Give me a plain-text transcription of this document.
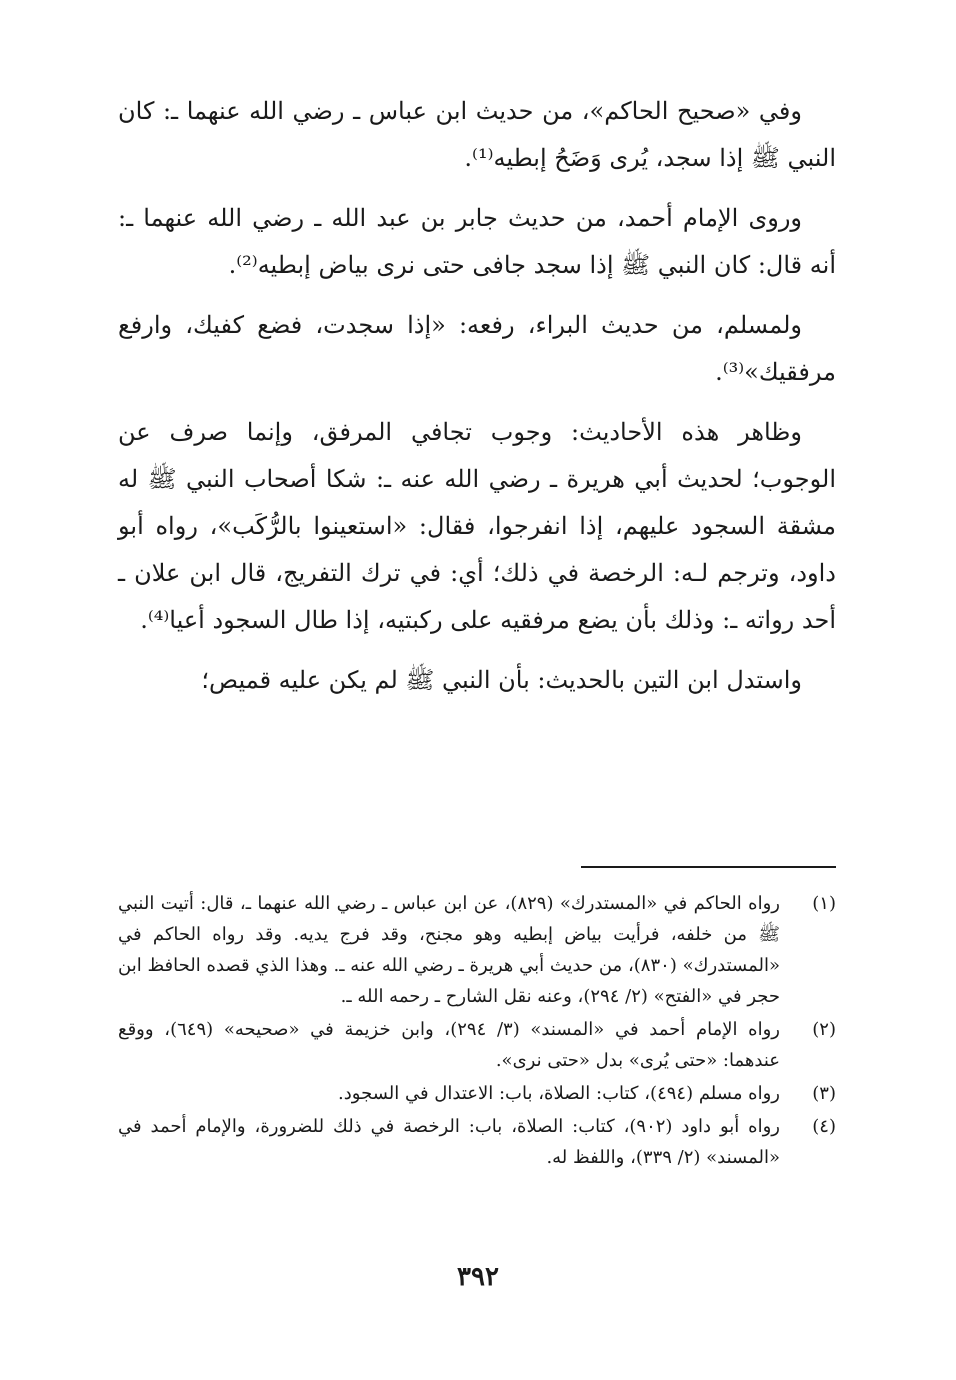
وفي «صحيح الحاكم»، من حديث ابن عباس ـ رضي الله عنهما ـ: كان النبي ﷺ إذا سجد، يُرى وَضَحُ إبطيه⁽¹⁾.

وروى الإمام أحمد، من حديث جابر بن عبد الله ـ رضي الله عنهما ـ: أنه قال: كان النبي ﷺ إذا سجد جافى حتى نرى بياض إبطيه⁽²⁾.

ولمسلم، من حديث البراء، رفعه: «إذا سجدت، فضع كفيك، وارفع مرفقيك»⁽³⁾.

وظاهر هذه الأحاديث: وجوب تجافي المرفق، وإنما صرف عن الوجوب؛ لحديث أبي هريرة ـ رضي الله عنه ـ: شكا أصحاب النبي ﷺ له مشقة السجود عليهم، إذا انفرجوا، فقال: «استعينوا بالرُّكَب»، رواه أبو داود، وترجم لـه: الرخصة في ذلك؛ أي: في ترك التفريج، قال ابن علان ـ أحد رواته ـ: وذلك بأن يضع مرفقيه على ركبتيه، إذا طال السجود أعيا⁽⁴⁾.

واستدل ابن التين بالحديث: بأن النبي ﷺ لم يكن عليه قميص؛

(١)
رواه الحاكم في «المستدرك» (٨٢٩)، عن ابن عباس ـ رضي الله عنهما ـ، قال: أتيت النبي ﷺ من خلفه، فرأيت بياض إبطيه وهو مجنح، وقد فرج يديه. وقد رواه الحاكم في «المستدرك» (٨٣٠)، من حديث أبي هريرة ـ رضي الله عنه ـ. وهذا الذي قصده الحافظ ابن حجر في «الفتح» (٢/ ٢٩٤)، وعنه نقل الشارح ـ رحمه الله ـ.
(٢)
رواه الإمام أحمد في «المسند» (٣/ ٢٩٤)، وابن خزيمة في «صحيحه» (٦٤٩)، ووقع عندهما: «حتى يُرى» بدل «حتى نرى».
(٣)
رواه مسلم (٤٩٤)، كتاب: الصلاة، باب: الاعتدال في السجود.
(٤)
رواه أبو داود (٩٠٢)، كتاب: الصلاة، باب: الرخصة في ذلك للضرورة، والإمام أحمد في «المسند» (٢/ ٣٣٩)، واللفظ له.
٣٩٢
